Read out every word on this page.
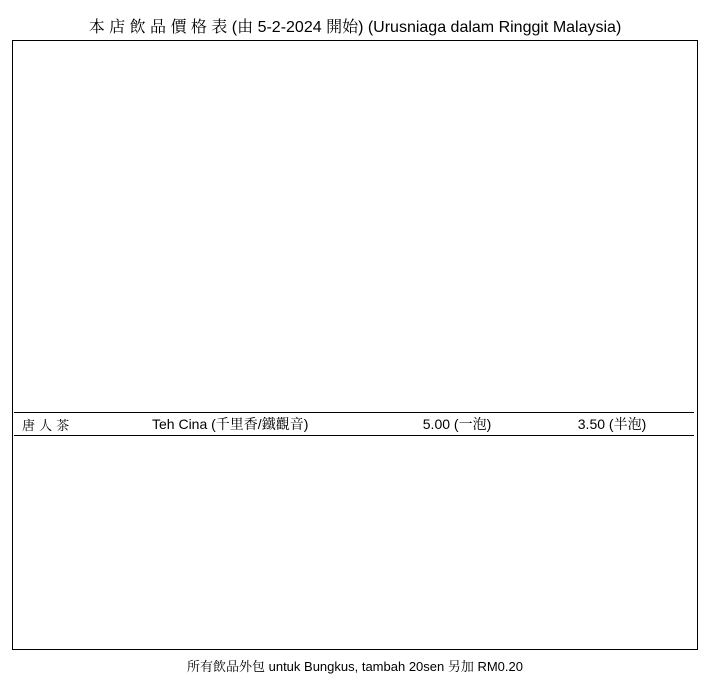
本 店 飲 品 價 格 表 (由 5-2-2024 開始) (Urusniaga dalam Ringgit Malaysia)
唐 人 茶	Teh Cina (千里香/鐵觀音)	5.00 (一泡)	3.50 (半泡)
所有飲品外包 untuk Bungkus, tambah 20sen 另加 RM0.20
